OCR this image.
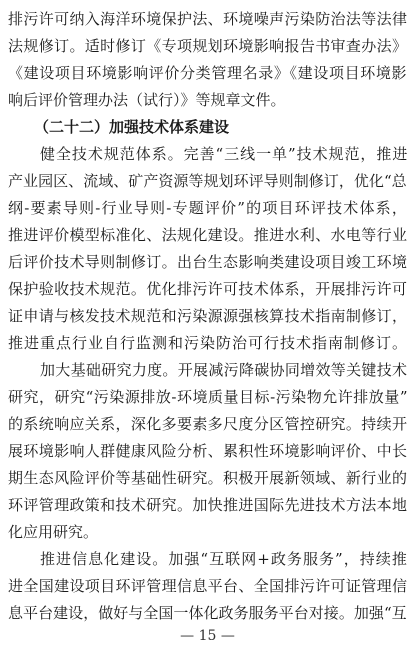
排污许可纳入海洋环境保护法、环境噪声污染防治法等法律
法规修订。适时修订《专项规划环境影响报告书审查办法》
《建设项目环境影响评价分类管理名录》《建设项目环境影
响后评价管理办法（试行）》等规章文件。
（二十二）加强技术体系建设
健全技术规范体系。完善“三线一单”技术规范，推进
产业园区、流域、矿产资源等规划环评导则制修订，优化“总
纲-要素导则-行业导则-专题评价”的项目环评技术体系，
推进评价模型标准化、法规化建设。推进水利、水电等行业
后评价技术导则制修订。出台生态影响类建设项目竣工环境
保护验收技术规范。优化排污许可技术体系，开展排污许可
证申请与核发技术规范和污染源源强核算技术指南制修订，
推进重点行业自行监测和污染防治可行技术指南制修订。
加大基础研究力度。开展减污降碳协同增效等关键技术
研究，研究“污染源排放-环境质量目标-污染物允许排放量”
的系统响应关系，深化多要素多尺度分区管控研究。持续开
展环境影响人群健康风险分析、累积性环境影响评价、中长
期生态风险评价等基础性研究。积极开展新领域、新行业的
环评管理政策和技术研究。加快推进国际先进技术方法本地
化应用研究。
推进信息化建设。加强“互联网+政务服务”，持续推
进全国建设项目环评管理信息平台、全国排污许可证管理信
息平台建设，做好与全国一体化政务服务平台对接。加强“互
— 15 —
